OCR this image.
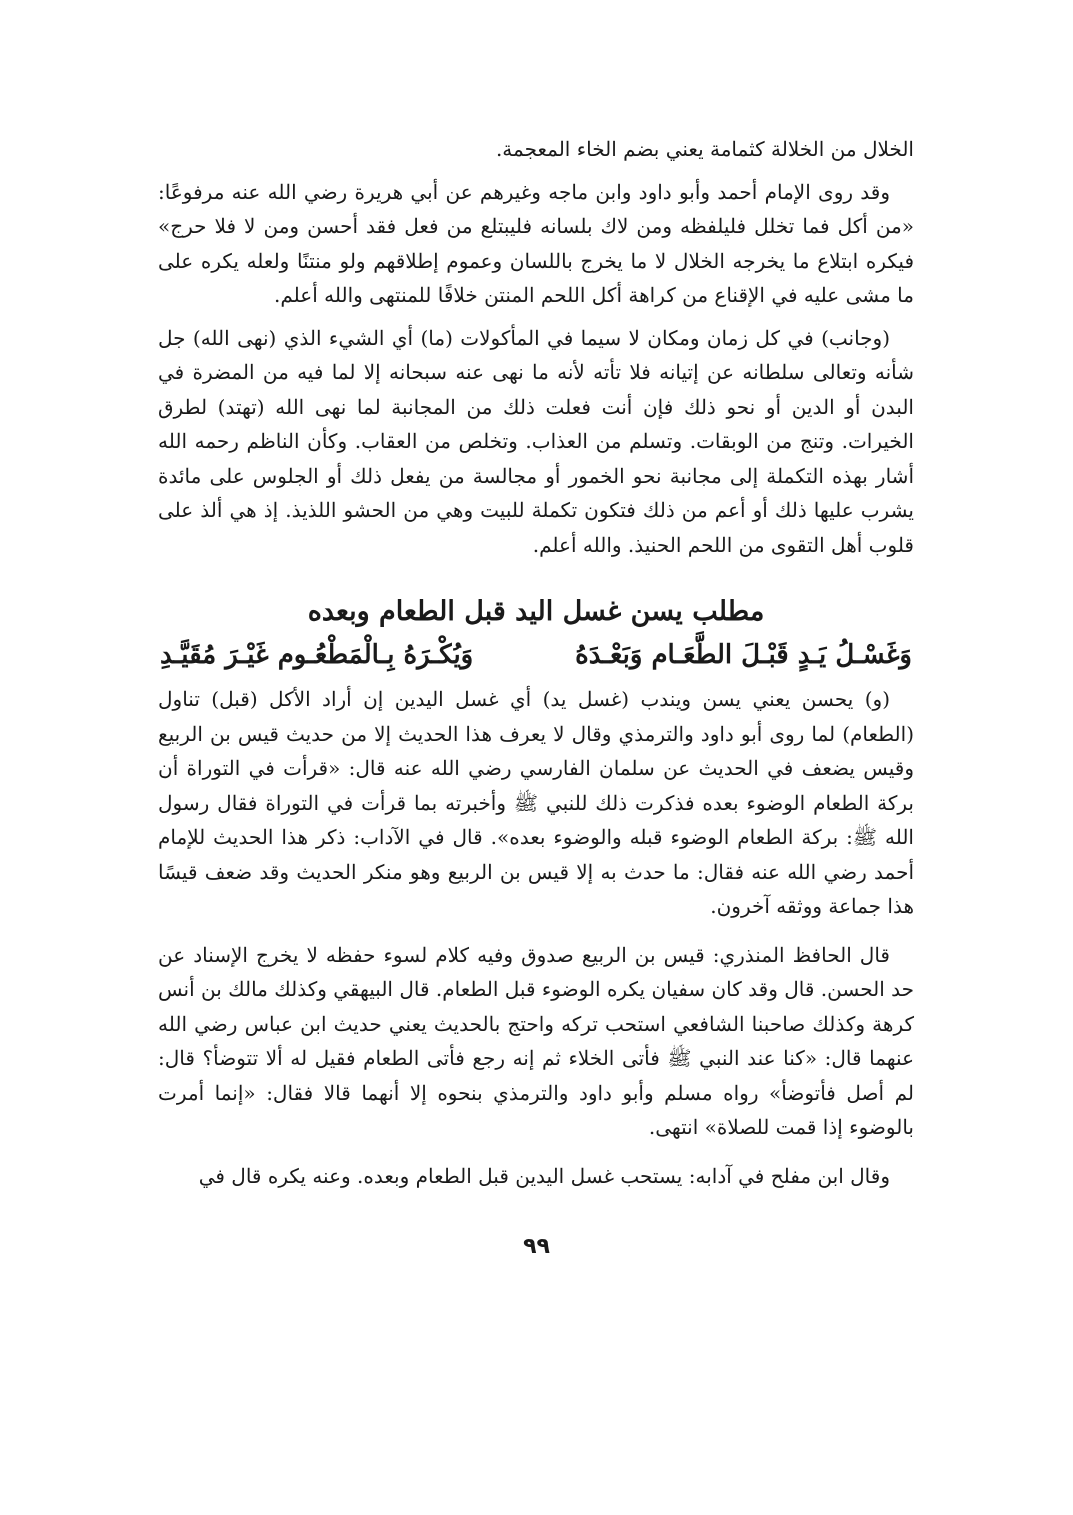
الخلال من الخلالة كثمامة يعني بضم الخاء المعجمة.

وقد روى الإمام أحمد وأبو داود وابن ماجه وغيرهم عن أبي هريرة رضي الله عنه مرفوعًا: «من أكل فما تخلل فليلفظه ومن لاك بلسانه فليبتلع من فعل فقد أحسن ومن لا فلا حرج» فيكره ابتلاع ما يخرجه الخلال لا ما يخرج باللسان وعموم إطلاقهم ولو منتنًا ولعله يكره على ما مشى عليه في الإقناع من كراهة أكل اللحم المنتن خلافًا للمنتهى والله أعلم.

(وجانب) في كل زمان ومكان لا سيما في المأكولات (ما) أي الشيء الذي (نهى الله) جل شأنه وتعالى سلطانه عن إتيانه فلا تأته لأنه ما نهى عنه سبحانه إلا لما فيه من المضرة في البدن أو الدين أو نحو ذلك فإن أنت فعلت ذلك من المجانبة لما نهى الله (تهتد) لطرق الخيرات. وتنج من الوبقات. وتسلم من العذاب. وتخلص من العقاب. وكأن الناظم رحمه الله أشار بهذه التكملة إلى مجانبة نحو الخمور أو مجالسة من يفعل ذلك أو الجلوس على مائدة يشرب عليها ذلك أو أعم من ذلك فتكون تكملة للبيت وهي من الحشو اللذيذ. إذ هي ألذ على قلوب أهل التقوى من اللحم الحنيذ. والله أعلم.

مطلب يسن غسل اليد قبل الطعام وبعده
وَغَسْـلُ يَـدٍ قَبْـلَ الطَّعَـام وَبَعْـدَهُ
وَيُكْـرَهُ بِـالْمَطْعُـوم غَيْـرَ مُقَيَّـدِ

(و) يحسن يعني يسن ويندب (غسل يد) أي غسل اليدين إن أراد الأكل (قبل) تناول (الطعام) لما روى أبو داود والترمذي وقال لا يعرف هذا الحديث إلا من حديث قيس بن الربيع وقيس يضعف في الحديث عن سلمان الفارسي رضي الله عنه قال: «قرأت في التوراة أن بركة الطعام الوضوء بعده فذكرت ذلك للنبي ﷺ وأخبرته بما قرأت في التوراة فقال رسول الله ﷺ: بركة الطعام الوضوء قبله والوضوء بعده». قال في الآداب: ذكر هذا الحديث للإمام أحمد رضي الله عنه فقال: ما حدث به إلا قيس بن الربيع وهو منكر الحديث وقد ضعف قيسًا هذا جماعة ووثقه آخرون.

قال الحافظ المنذري: قيس بن الربيع صدوق وفيه كلام لسوء حفظه لا يخرج الإسناد عن حد الحسن. قال وقد كان سفيان يكره الوضوء قبل الطعام. قال البيهقي وكذلك مالك بن أنس كرهة وكذلك صاحبنا الشافعي استحب تركه واحتج بالحديث يعني حديث ابن عباس رضي الله عنهما قال: «كنا عند النبي ﷺ فأتى الخلاء ثم إنه رجع فأتى الطعام فقيل له ألا تتوضأ؟ قال: لم أصل فأتوضأ» رواه مسلم وأبو داود والترمذي بنحوه إلا أنهما قالا فقال: «إنما أمرت بالوضوء إذا قمت للصلاة» انتهى.

وقال ابن مفلح في آدابه: يستحب غسل اليدين قبل الطعام وبعده. وعنه يكره قال في

٩٩
